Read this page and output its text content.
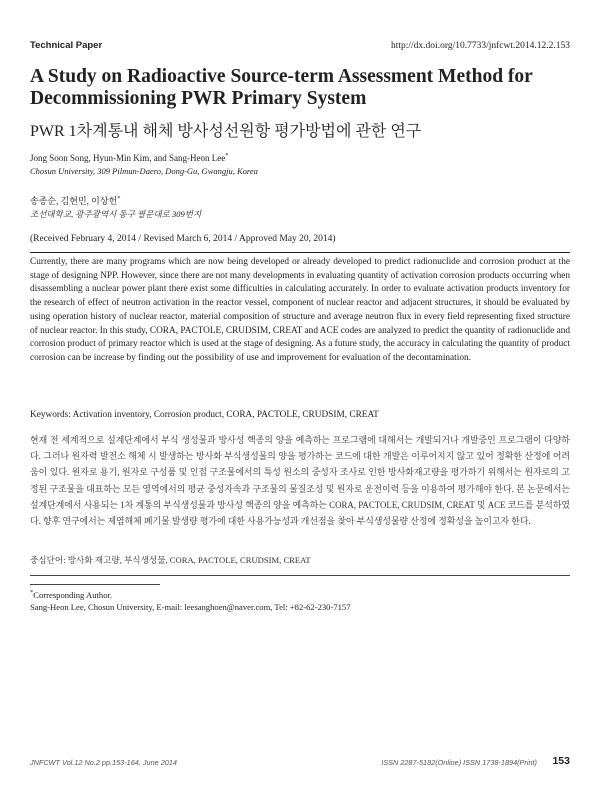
Technical Paper	http://dx.doi.org/10.7733/jnfcwt.2014.12.2.153
A Study on Radioactive Source-term Assessment Method for Decommissioning PWR Primary System
PWR 1차계통내 해체 방사성선원항 평가방법에 관한 연구
Jong Soon Song, Hyun-Min Kim, and Sang-Heon Lee*
Chosun University, 309 Pilmun-Daero, Dong-Gu, Gwangju, Korea
송종순, 김현민, 이상헌*
조선대학교, 광주광역시 동구 필문대로 309번지
(Received February 4, 2014 / Revised March 6, 2014 / Approved May 20, 2014)
Currently, there are many programs which are now being developed or already developed to predict radionuclide and corrosion product at the stage of designing NPP. However, since there are not many developments in evaluating quantity of activation corrosion products occurring when disassembling a nuclear power plant there exist some difficulties in calculating accurately. In order to evaluate activation products inventory for the research of effect of neutron activation in the reactor vessel, component of nuclear reactor and adjacent structures, it should be evaluated by using operation history of nuclear reactor, material composition of structure and average neutron flux in every field representing fixed structure of nuclear reactor. In this study, CORA, PACTOLE, CRUDSIM, CREAT and ACE codes are analyzed to predict the quantity of radionuclide and corrosion product of primary reactor which is used at the stage of designing. As a future study, the accuracy in calculating the quantity of product corrosion can be increase by finding out the possibility of use and improvement for evaluation of the decontamination.
Keywords: Activation inventory, Corrosion product, CORA, PACTOLE, CRUDSIM, CREAT
현재 전 세계적으로 설계단계에서 부식 생성물과 방사성 핵종의 양을 예측하는 프로그램에 대해서는 개발되거나 개발중인 프로그램이 다양하다. 그러나 원자력 발전소 해체 시 발생하는 방사화 부식생성물의 양을 평가하는 코드에 대한 개발은 이루어지지 않고 있어 정확한 산정에 어려움이 있다. 원자로 용기, 원자로 구성품 및 인접 구조물에서의 특성 원소의 중성자 조사로 인한 방사화재고량을 평가하기 위해서는 원자로의 고정된 구조물을 대표하는 모든 영역에서의 평균 중성자속과 구조물의 물질조성 및 원자로 운전이력 등을 이용하여 평가해야 한다. 본 논문에서는 설계단계에서 사용되는 1차 계통의 부식생성물과 방사성 핵종의 양을 예측하는 CORA, PACTOLE, CRUDSIM, CREAT 및 ACE 코드를 분석하였다. 향후 연구에서는 제염해체 폐기물 발생량 평가에 대한 사용가능성과 개선점을 찾아 부식생성물량 산정에 정확성을 높이고자 한다.
중심단어: 방사화 재고량, 부식생성물, CORA, PACTOLE, CRUDSIM, CREAT
*Corresponding Author.
Sang-Heon Lee, Chosun University, E-mail: leesanghoen@naver.com, Tel: +82-62-230-7157
JNFCWT Vol.12 No.2 pp.153-164, June 2014	ISSN 2287-5182(Online) ISSN 1738-1894(Print) 153
